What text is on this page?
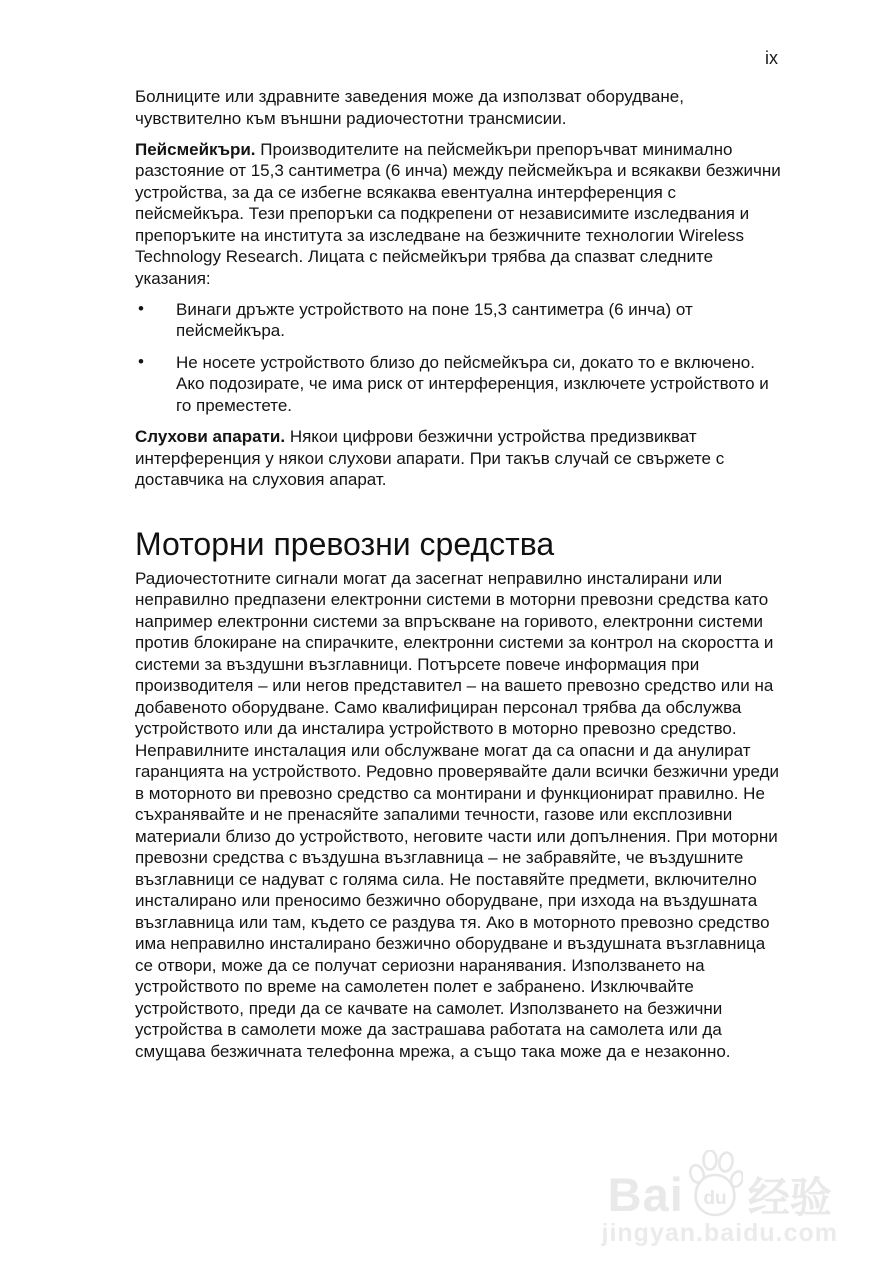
ix

Болниците или здравните заведения може да използват оборудване, чувствително към външни радиочестотни трансмисии.

Пейсмейкъри. Производителите на пейсмейкъри препоръчват минимално разстояние от 15,3 сантиметра (6 инча) между пейсмейкъра и всякакви безжични устройства, за да се избегне всякаква евентуална интерференция с пейсмейкъра. Тези препоръки са подкрепени от независимите изследвания и препоръките на института за изследване на безжичните технологии Wireless Technology Research. Лицата с пейсмейкъри трябва да спазват следните указания:

• Винаги дръжте устройството на поне 15,3 сантиметра (6 инча) от пейсмейкъра.
• Не носете устройството близо до пейсмейкъра си, докато то е включено. Ако подозирате, че има риск от интерференция, изключете устройството и го преместете.

Слухови апарати. Някои цифрови безжични устройства предизвикват интерференция у някои слухови апарати. При такъв случай се свържете с доставчика на слуховия апарат.

Моторни превозни средства

Радиочестотните сигнали могат да засегнат неправилно инсталирани или неправилно предпазени електронни системи в моторни превозни средства като например електронни системи за впръскване на горивото, електронни системи против блокиране на спирачките, електронни системи за контрол на скоростта и системи за въздушни възглавници. Потърсете повече информация при производителя – или негов представител – на вашето превозно средство или на добавеното оборудване. Само квалифициран персонал трябва да обслужва устройството или да инсталира устройството в моторно превозно средство. Неправилните инсталация или обслужване могат да са опасни и да анулират гаранцията на устройството. Редовно проверявайте дали всички безжични уреди в моторното ви превозно средство са монтирани и функционират правилно. Не съхранявайте и не пренасяйте запалими течности, газове или експлозивни материали близо до устройството, неговите части или допълнения. При моторни превозни средства с въздушна възглавница – не забравяйте, че въздушните възглавници се надуват с голяма сила. Не поставяйте предмети, включително инсталирано или преносимо безжично оборудване, при изхода на въздушната възглавница или там, където се раздува тя. Ако в моторното превозно средство има неправилно инсталирано безжично оборудване и въздушната възглавница се отвори, може да се получат сериозни наранявания. Използването на устройството по време на самолетен полет е забранено. Изключвайте устройството, преди да се качвате на самолет. Използването на безжични устройства в самолети може да застрашава работата на самолета или да смущава безжичната телефонна мрежа, а също така може да е незаконно.

Bai du 经验
jingyan.baidu.com
